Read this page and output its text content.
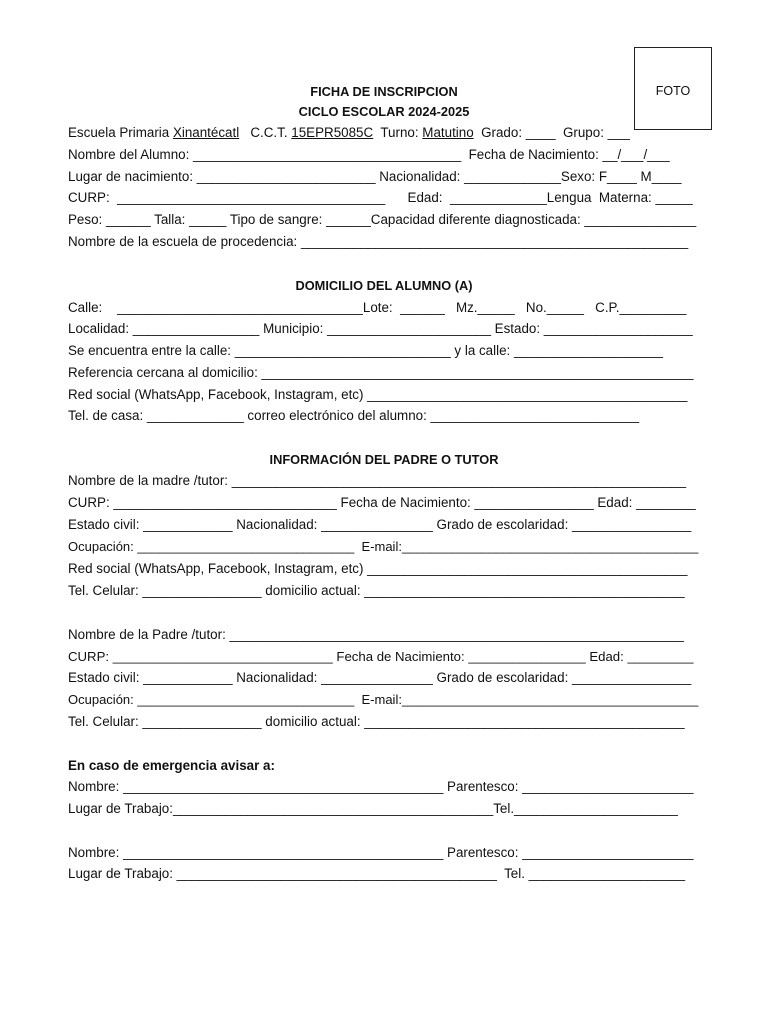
FOTO
FICHA DE INSCRIPCION
CICLO ESCOLAR 2024-2025
Escuela Primaria Xinantécatl   C.C.T. 15EPR5085C  Turno: Matutino  Grado: ____  Grupo: ___
Nombre del Alumno: ____________________________________  Fecha de Nacimiento: __/___/___
Lugar de nacimiento: ________________________ Nacionalidad: _____________Sexo: F____ M____
CURP:  ____________________________________      Edad:  _____________Lengua  Materna: _____
Peso: ______ Talla: _____ Tipo de sangre: ______Capacidad diferente diagnosticada: _______________
Nombre de la escuela de procedencia: ____________________________________________________
DOMICILIO DEL ALUMNO (A)
Calle:    _________________________________Lote:  ______   Mz._____   No._____   C.P._________
Localidad: _________________ Municipio: ______________________ Estado: ____________________
Se encuentra entre la calle: _____________________________ y la calle: ____________________
Referencia cercana al domicilio: __________________________________________________________
Red social (WhatsApp, Facebook, Instagram, etc) ___________________________________________
Tel. de casa: _____________ correo electrónico del alumno: ____________________________
INFORMACIÓN DEL PADRE O TUTOR
Nombre de la madre /tutor: _____________________________________________________________
CURP: ______________________________ Fecha de Nacimiento: ________________ Edad: ________
Estado civil: ____________ Nacionalidad: _______________ Grado de escolaridad: ________________
Ocupación: ______________________________  E-mail:_________________________________________
Red social (WhatsApp, Facebook, Instagram, etc) ___________________________________________
Tel. Celular: ________________ domicilio actual: ___________________________________________
Nombre de la Padre /tutor: _____________________________________________________________
CURP: ______________________________ Fecha de Nacimiento: ________________ Edad: _________
Estado civil: ____________ Nacionalidad: _______________ Grado de escolaridad: ________________
Ocupación: ______________________________  E-mail:_________________________________________
Tel. Celular: ________________ domicilio actual: ___________________________________________
En caso de emergencia avisar a:
Nombre: ___________________________________________ Parentesco: _______________________
Lugar de Trabajo:___________________________________________Tel.______________________
Nombre: ___________________________________________ Parentesco: _______________________
Lugar de Trabajo: ___________________________________________  Tel. _____________________
